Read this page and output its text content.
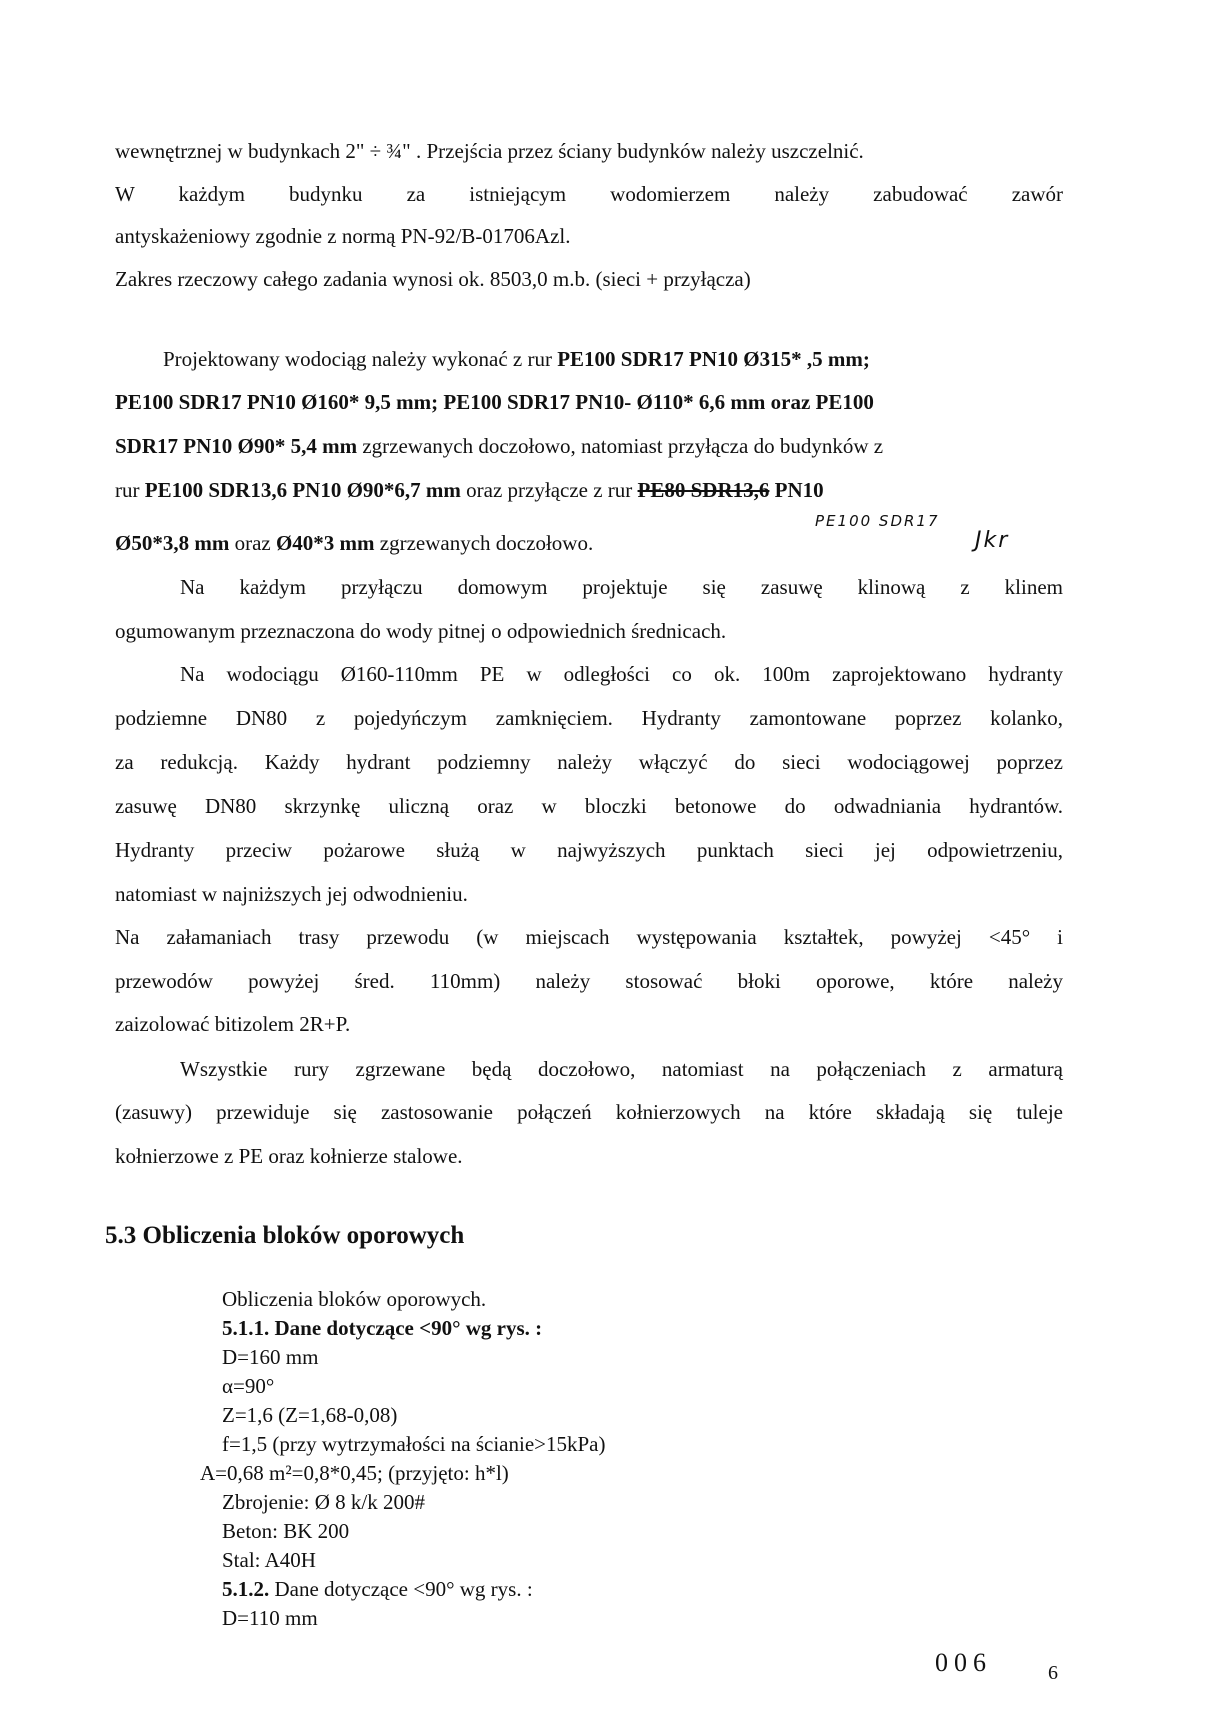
wewnętrznej w budynkach 2" ÷ ¾" . Przejścia przez ściany budynków należy uszczelnić.
W każdym budynku za istniejącym wodomierzem należy zabudować zawór
antyskażeniowy zgodnie z normą PN-92/B-01706Azl.
Zakres rzeczowy całego zadania wynosi ok. 8503,0 m.b. (sieci + przyłącza)
Projektowany wodociąg należy wykonać z rur PE100 SDR17 PN10 Ø315* ,5 mm;
PE100 SDR17 PN10 Ø160* 9,5 mm; PE100 SDR17 PN10- Ø110* 6,6 mm oraz PE100
SDR17 PN10 Ø90* 5,4 mm zgrzewanych doczołowo, natomiast przyłącza do budynków z
rur PE100 SDR13,6 PN10 Ø90*6,7 mm oraz przyłącze z rur PE80 SDR13,6 PN10
PE100 SDR17
Ø50*3,8 mm oraz Ø40*3 mm zgrzewanych doczołowo.	Jkr
Na każdym przyłączu domowym projektuje się zasuwę klinową z klinem
ogumowanym przeznaczona do wody pitnej o odpowiednich średnicach.
Na wodociągu Ø160-110mm PE w odległości co ok. 100m zaprojektowano hydranty
podziemne DN80 z pojedyńczym zamknięciem. Hydranty zamontowane poprzez kolanko,
za redukcją. Każdy hydrant podziemny należy włączyć do sieci wodociągowej poprzez
zasuwę DN80 skrzynkę uliczną oraz w bloczki betonowe do odwadniania hydrantów.
Hydranty przeciw pożarowe służą w najwyższych punktach sieci jej odpowietrzeniu,
natomiast w najniższych jej odwodnieniu.
Na załamaniach trasy przewodu (w miejscach występowania kształtek, powyżej <45° i
przewodów powyżej śred. 110mm) należy stosować błoki oporowe, które należy
zaizolować bitizolem 2R+P.
Wszystkie rury zgrzewane będą doczołowo, natomiast na połączeniach z armaturą
(zasuwy) przewiduje się zastosowanie połączeń kołnierzowych na które składają się tuleje
kołnierzowe z PE oraz kołnierze stalowe.
5.3 Obliczenia bloków oporowych
Obliczenia bloków oporowych.
5.1.1. Dane dotyczące <90° wg rys. :
D=160 mm
α=90°
Z=1,6 (Z=1,68-0,08)
f=1,5 (przy wytrzymałości na ścianie>15kPa)
A=0,68 m²=0,8*0,45; (przyjęto: h*l)
Zbrojenie: Ø 8 k/k 200#
Beton: BK 200
Stal: A40H
5.1.2. Dane dotyczące <90° wg rys. :
D=110 mm
006	6
